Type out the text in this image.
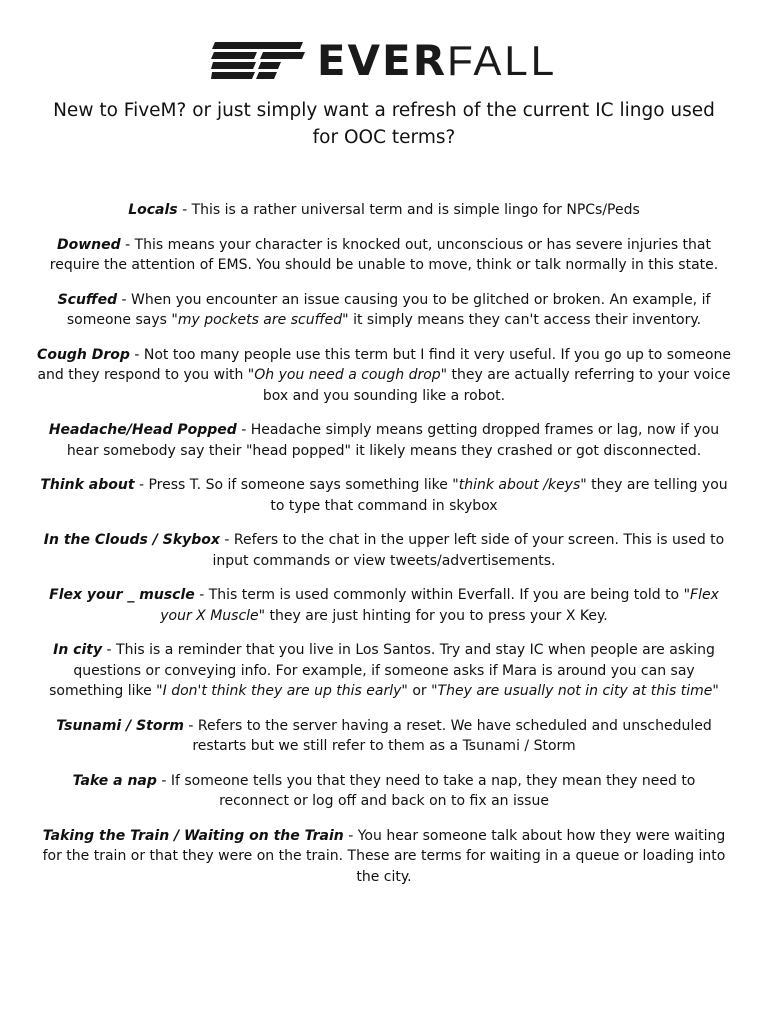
EVERFALL
New to FiveM? or just simply want a refresh of the current IC lingo used for OOC terms?

Locals - This is a rather universal term and is simple lingo for NPCs/Peds

Downed - This means your character is knocked out, unconscious or has severe injuries that require the attention of EMS. You should be unable to move, think or talk normally in this state.

Scuffed - When you encounter an issue causing you to be glitched or broken. An example, if someone says "my pockets are scuffed" it simply means they can't access their inventory.

Cough Drop - Not too many people use this term but I find it very useful. If you go up to someone and they respond to you with "Oh you need a cough drop" they are actually referring to your voice box and you sounding like a robot.

Headache/Head Popped - Headache simply means getting dropped frames or lag, now if you hear somebody say their "head popped" it likely means they crashed or got disconnected.

Think about - Press T. So if someone says something like "think about /keys" they are telling you to type that command in skybox

In the Clouds / Skybox - Refers to the chat in the upper left side of your screen. This is used to input commands or view tweets/advertisements.

Flex your _ muscle - This term is used commonly within Everfall. If you are being told to "Flex your X Muscle" they are just hinting for you to press your X Key.

In city - This is a reminder that you live in Los Santos. Try and stay IC when people are asking questions or conveying info. For example, if someone asks if Mara is around you can say something like "I don't think they are up this early" or "They are usually not in city at this time"

Tsunami / Storm - Refers to the server having a reset. We have scheduled and unscheduled restarts but we still refer to them as a Tsunami / Storm

Take a nap - If someone tells you that they need to take a nap, they mean they need to reconnect or log off and back on to fix an issue

Taking the Train / Waiting on the Train - You hear someone talk about how they were waiting for the train or that they were on the train. These are terms for waiting in a queue or loading into the city.
